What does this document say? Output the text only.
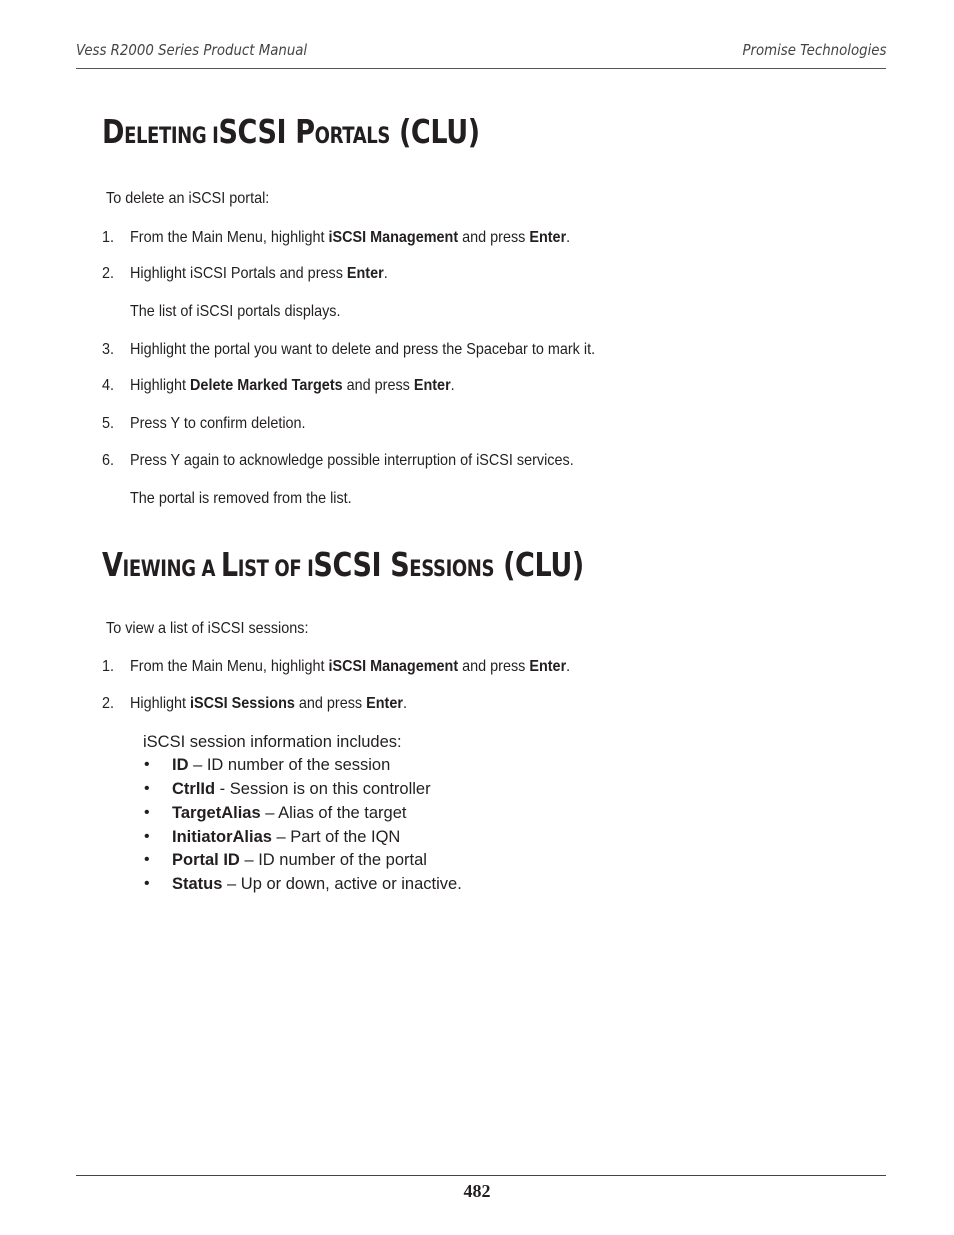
Vess R2000 Series Product Manual	Promise Technologies
DELETING ISCSI PORTALS (CLU)
To delete an iSCSI portal:
1. From the Main Menu, highlight iSCSI Management and press Enter.
2. Highlight iSCSI Portals and press Enter.
The list of iSCSI portals displays.
3. Highlight the portal you want to delete and press the Spacebar to mark it.
4. Highlight Delete Marked Targets and press Enter.
5. Press Y to confirm deletion.
6. Press Y again to acknowledge possible interruption of iSCSI services.
The portal is removed from the list.
VIEWING A LIST OF ISCSI SESSIONS (CLU)
To view a list of iSCSI sessions:
1. From the Main Menu, highlight iSCSI Management and press Enter.
2. Highlight iSCSI Sessions and press Enter.
iSCSI session information includes:
• ID – ID number of the session
• CtrlId - Session is on this controller
• TargetAlias – Alias of the target
• InitiatorAlias – Part of the IQN
• Portal ID – ID number of the portal
• Status – Up or down, active or inactive.
482
